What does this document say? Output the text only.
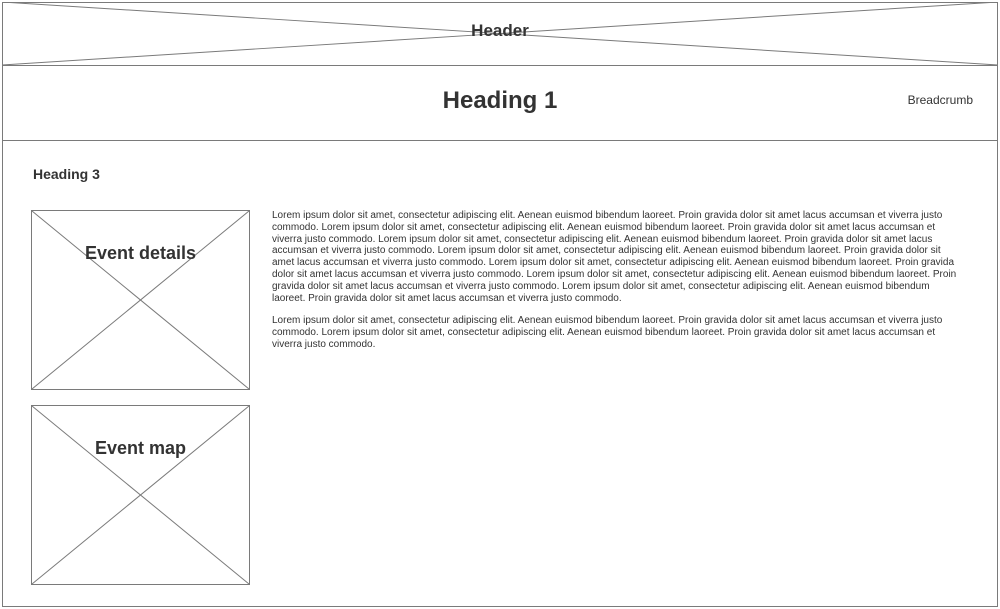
Header
Heading 1	Breadcrumb
Heading 3
Event details
Event map

Lorem ipsum dolor sit amet, consectetur adipiscing elit. Aenean euismod bibendum laoreet. Proin gravida dolor sit amet lacus accumsan et viverra justo commodo. Lorem ipsum dolor sit amet, consectetur adipiscing elit. Aenean euismod bibendum laoreet. Proin gravida dolor sit amet lacus accumsan et viverra justo commodo. Lorem ipsum dolor sit amet, consectetur adipiscing elit. Aenean euismod bibendum laoreet. Proin gravida dolor sit amet lacus accumsan et viverra justo commodo. Lorem ipsum dolor sit amet, consectetur adipiscing elit. Aenean euismod bibendum laoreet. Proin gravida dolor sit amet lacus accumsan et viverra justo commodo. Lorem ipsum dolor sit amet, consectetur adipiscing elit. Aenean euismod bibendum laoreet. Proin gravida dolor sit amet lacus accumsan et viverra justo commodo. Lorem ipsum dolor sit amet, consectetur adipiscing elit. Aenean euismod bibendum laoreet. Proin gravida dolor sit amet lacus accumsan et viverra justo commodo. Lorem ipsum dolor sit amet, consectetur adipiscing elit. Aenean euismod bibendum laoreet. Proin gravida dolor sit amet lacus accumsan et viverra justo commodo.

Lorem ipsum dolor sit amet, consectetur adipiscing elit. Aenean euismod bibendum laoreet. Proin gravida dolor sit amet lacus accumsan et viverra justo commodo. Lorem ipsum dolor sit amet, consectetur adipiscing elit. Aenean euismod bibendum laoreet. Proin gravida dolor sit amet lacus accumsan et viverra justo commodo.
